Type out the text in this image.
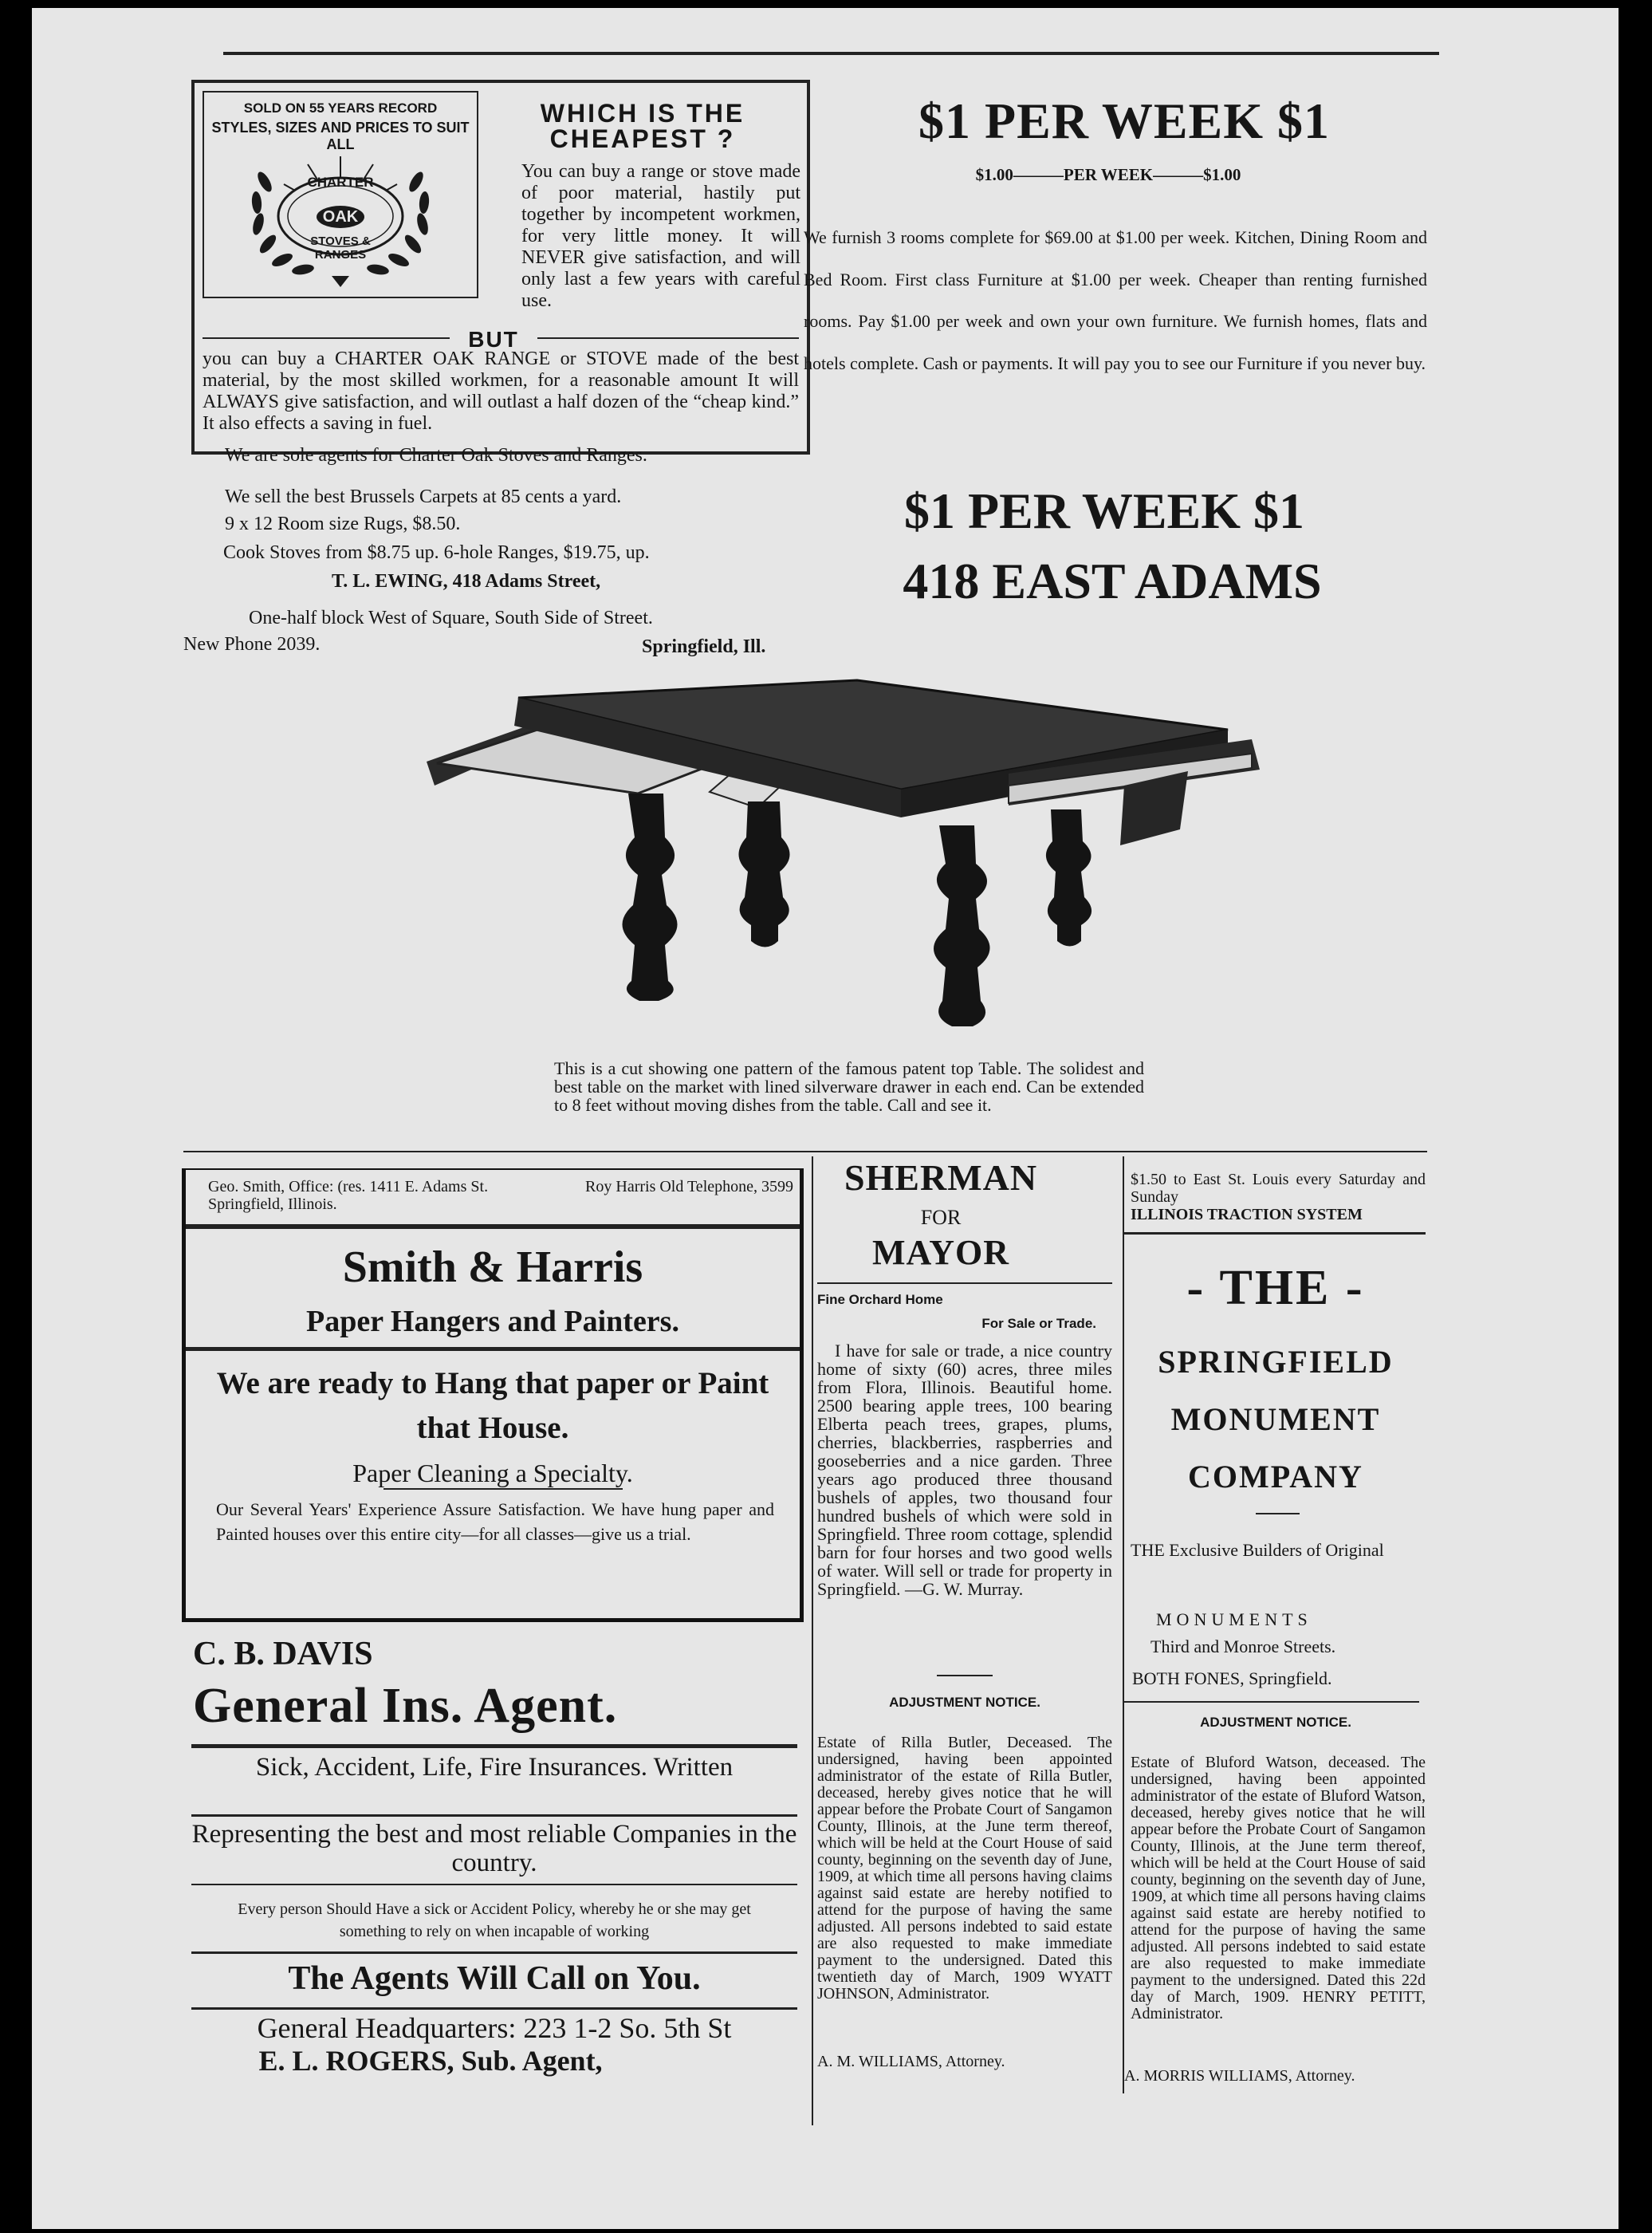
SOLD ON 55 YEARS RECORD
STYLES, SIZES AND PRICES TO SUIT ALL
CHARTER
OAK
STOVES & RANGES
WHICH IS THE CHEAPEST ?
You can buy a range or stove made of poor material, hastily put together by incompetent workmen, for very little money. It will NEVER give satisfaction, and will only last a few years with careful use.
BUT
you can buy a CHARTER OAK RANGE or STOVE made of the best material, by the most skilled workmen, for a reasonable amount It will ALWAYS give satisfaction, and will outlast a half dozen of the “cheap kind.” It also effects a saving in fuel.
We are sole agents for Charter Oak Stoves and Ranges.
We sell the best Brussels Carpets at 85 cents a yard.
9 x 12 Room size Rugs, $8.50.
Cook Stoves from $8.75 up. 6-hole Ranges, $19.75, up.
T. L. EWING, 418 Adams Street,
One-half block West of Square, South Side of Street.
New Phone 2039.	Springfield, Ill.
$1 PER WEEK $1
$1.00———PER WEEK———$1.00
We furnish 3 rooms complete for $69.00 at $1.00 per week. Kitchen, Dining Room and Bed Room. First class Furniture at $1.00 per week. Cheaper than renting furnished rooms. Pay $1.00 per week and own your own furniture. We furnish homes, flats and hotels complete. Cash or payments. It will pay you to see our Furniture if you never buy.
$1 PER WEEK $1
418 EAST ADAMS
This is a cut showing one pattern of the famous patent top Table. The solidest and best table on the market with lined silverware drawer in each end. Can be extended to 8 feet without moving dishes from the table. Call and see it.
Geo. Smith, Office: (res. 1411 E. Adams St. Springfield, Illinois.
Roy Harris Old Telephone, 3599
Smith & Harris
Paper Hangers and Painters.
We are ready to Hang that paper or Paint that House.
Paper Cleaning a Specialty.
Our Several Years' Experience Assure Satisfaction. We have hung paper and Painted houses over this entire city—for all classes—give us a trial.
C. B. DAVIS
General Ins. Agent.
Sick, Accident, Life, Fire Insurances. Written
Representing the best and most reliable Companies in the country.
Every person Should Have a sick or Accident Policy, whereby he or she may get something to rely on when incapable of working
The Agents Will Call on You.
General Headquarters: 223 1-2 So. 5th St
E. L. ROGERS, Sub. Agent,
SHERMAN
FOR
MAYOR
Fine Orchard Home
For Sale or Trade.
I have for sale or trade, a nice country home of sixty (60) acres, three miles from Flora, Illinois. Beautiful home. 2500 bearing apple trees, 100 bearing Elberta peach trees, grapes, plums, cherries, blackberries, raspberries and gooseberries and a nice garden. Three years ago produced three thousand bushels of apples, two thousand four hundred bushels of which were sold in Springfield. Three room cottage, splendid barn for four horses and two good wells of water. Will sell or trade for property in Springfield. —G. W. Murray.
ADJUSTMENT NOTICE.
Estate of Rilla Butler, Deceased. The undersigned, having been appointed administrator of the estate of Rilla Butler, deceased, hereby gives notice that he will appear before the Probate Court of Sangamon County, Illinois, at the June term thereof, which will be held at the Court House of said county, beginning on the seventh day of June, 1909, at which time all persons having claims against said estate are hereby notified to attend for the purpose of having the same adjusted. All persons indebted to said estate are also requested to make immediate payment to the undersigned. Dated this twentieth day of March, 1909 WYATT JOHNSON, Administrator.
A. M. WILLIAMS, Attorney.
$1.50 to East St. Louis every Saturday and Sunday
ILLINOIS TRACTION SYSTEM
- THE -
SPRINGFIELD MONUMENT COMPANY
THE Exclusive Builders of Original
MONUMENTS
Third and Monroe Streets.
BOTH FONES, Springfield.
ADJUSTMENT NOTICE.
Estate of Bluford Watson, deceased. The undersigned, having been appointed administrator of the estate of Bluford Watson, deceased, hereby gives notice that he will appear before the Probate Court of Sangamon County, Illinois, at the June term thereof, which will be held at the Court House of said county, beginning on the seventh day of June, 1909, at which time all persons having claims against said estate are hereby notified to attend for the purpose of having the same adjusted. All persons indebted to said estate are also requested to make immediate payment to the undersigned. Dated this 22d day of March, 1909. HENRY PETITT, Administrator.
A. MORRIS WILLIAMS, Attorney.
